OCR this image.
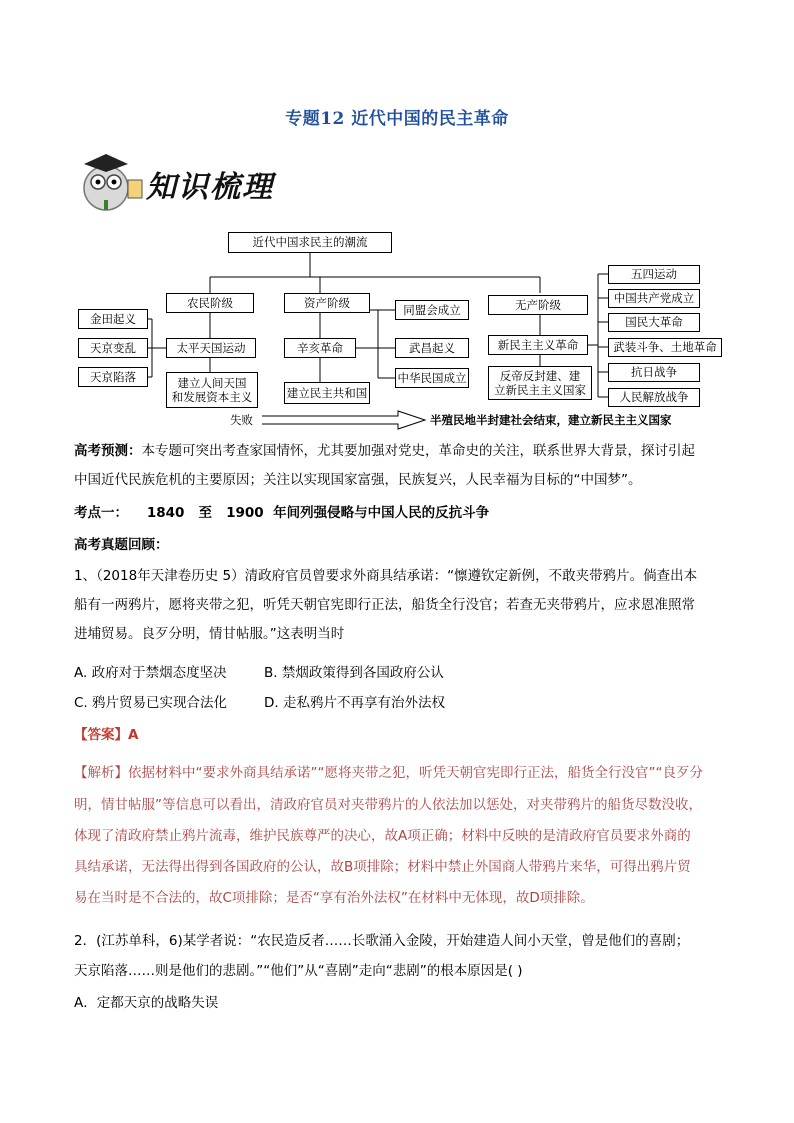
专题12 近代中国的民主革命
知识梳理
近代中国求民主的潮流
农民阶级
金田起义
天京变乱
天京陷落
太平天国运动
建立人间天国
和发展资本主义
资产阶级
辛亥革命
建立民主共和国
同盟会成立
武昌起义
中华民国成立
无产阶级
新民主主义革命
反帝反封建、建
立新民主主义国家
五四运动
中国共产党成立
国民大革命
武装斗争、土地革命
抗日战争
人民解放战争
失败	半殖民地半封建社会结束，建立新民主主义国家
高考预测：本专题可突出考查家国情怀，尤其要加强对党史，革命史的关注，联系世界大背景，探讨引起
中国近代民族危机的主要原因；关注以实现国家富强，民族复兴，人民幸福为目标的“中国梦”。
考点一： 1840 至 1900 年间列强侵略与中国人民的反抗斗争
高考真题回顾：
1、（2018年天津卷历史 5）清政府官员曾要求外商具结承诺：“懔遵钦定新例，不敢夹带鸦片。倘查出本
船有一两鸦片，愿将夹带之犯，听凭天朝官宪即行正法，船货全行没官；若查无夹带鸦片，应求恩准照常
进埔贸易。良歹分明，情甘帖服。”这表明当时
A. 政府对于禁烟态度坚决	B. 禁烟政策得到各国政府公认
C. 鸦片贸易已实现合法化	D. 走私鸦片不再享有治外法权
【答案】A
【解析】依据材料中“要求外商具结承诺”“愿将夹带之犯，听凭天朝官宪即行正法，船货全行没官”“良歹分
明，情甘帖服”等信息可以看出，清政府官员对夹带鸦片的人依法加以惩处，对夹带鸦片的船货尽数没收，
体现了清政府禁止鸦片流毒，维护民族尊严的决心，故A项正确；材料中反映的是清政府官员要求外商的
具结承诺，无法得出得到各国政府的公认，故B项排除；材料中禁止外国商人带鸦片来华，可得出鸦片贸
易在当时是不合法的，故C项排除；是否“享有治外法权”在材料中无体现，故D项排除。
2．(江苏单科，6)某学者说：“农民造反者……长歌涌入金陵，开始建造人间小天堂，曾是他们的喜剧；
天京陷落……则是他们的悲剧。”“他们”从“喜剧”走向“悲剧”的根本原因是( )
A．定都天京的战略失误
